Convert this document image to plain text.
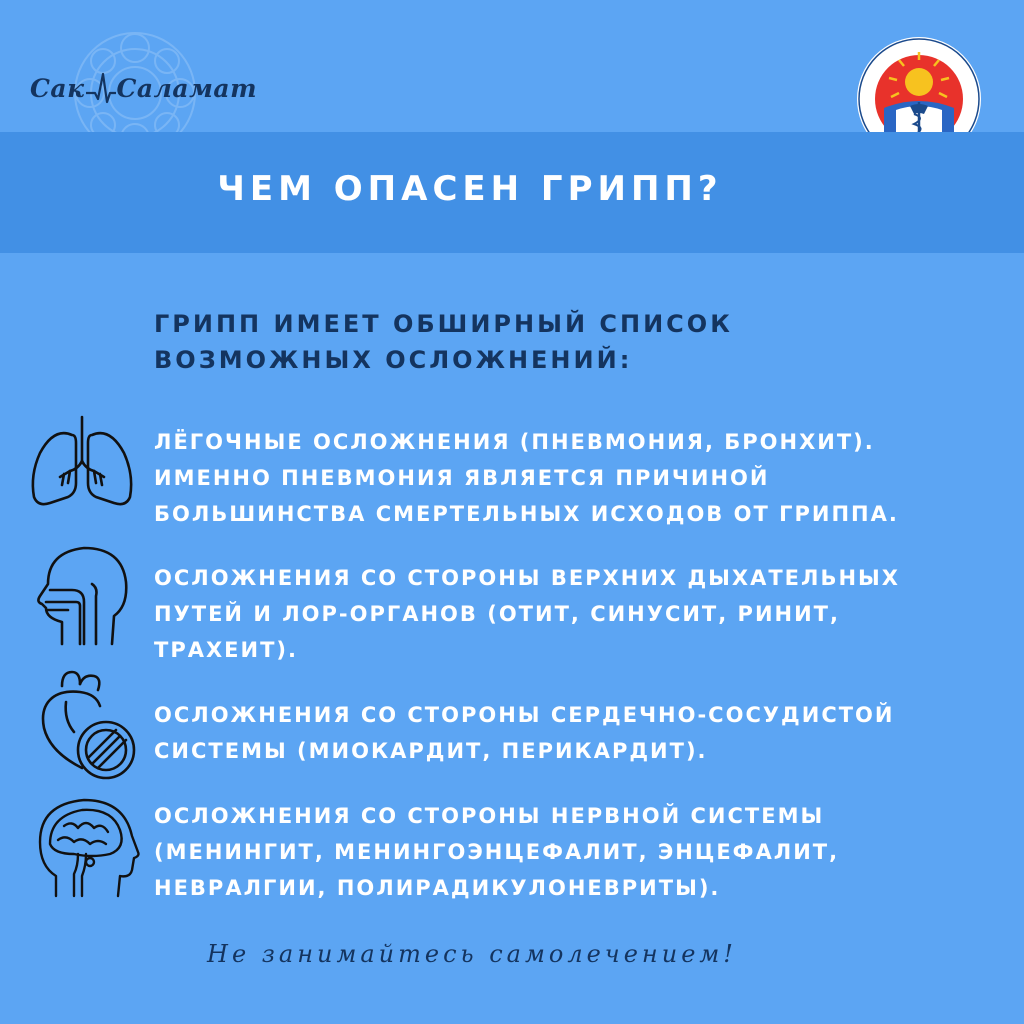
Сак Саламат
ЧЕМ ОПАСЕН ГРИПП?

ГРИПП ИМЕЕТ ОБШИРНЫЙ СПИСОК ВОЗМОЖНЫХ ОСЛОЖНЕНИЙ:

ЛЁГОЧНЫЕ ОСЛОЖНЕНИЯ (ПНЕВМОНИЯ, БРОНХИТ). ИМЕННО ПНЕВМОНИЯ ЯВЛЯЕТСЯ ПРИЧИНОЙ БОЛЬШИНСТВА СМЕРТЕЛЬНЫХ ИСХОДОВ ОТ ГРИППА.

ОСЛОЖНЕНИЯ СО СТОРОНЫ ВЕРХНИХ ДЫХАТЕЛЬНЫХ ПУТЕЙ И ЛОР-ОРГАНОВ (ОТИТ, СИНУСИТ, РИНИТ, ТРАХЕИТ).

ОСЛОЖНЕНИЯ СО СТОРОНЫ СЕРДЕЧНО-СОСУДИСТОЙ СИСТЕМЫ (МИОКАРДИТ, ПЕРИКАРДИТ).

ОСЛОЖНЕНИЯ СО СТОРОНЫ НЕРВНОЙ СИСТЕМЫ (МЕНИНГИТ, МЕНИНГОЭНЦЕФАЛИТ, ЭНЦЕФАЛИТ, НЕВРАЛГИИ, ПОЛИРАДИКУЛОНЕВРИТЫ).

Не занимайтесь самолечением!
